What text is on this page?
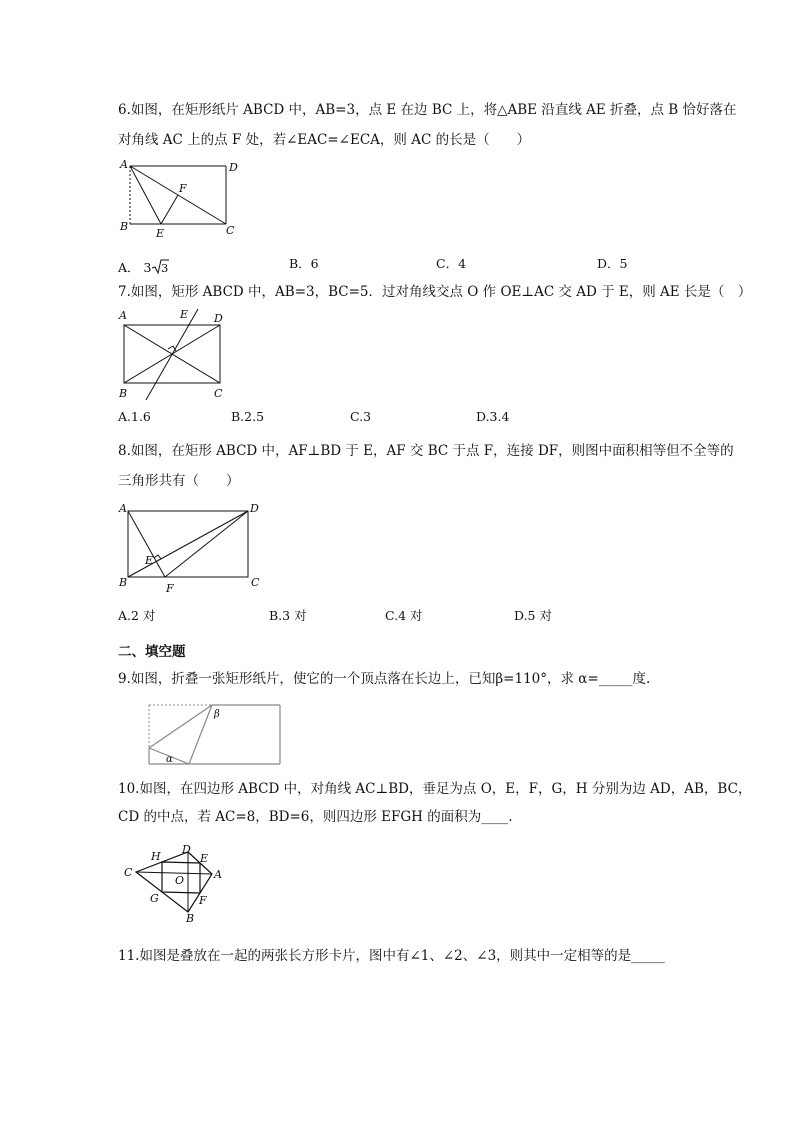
6.如图，在矩形纸片 ABCD 中，AB=3，点 E 在边 BC 上，将△ABE 沿直线 AE 折叠，点 B 恰好落在
对角线 AC 上的点 F 处，若∠EAC=∠ECA，则 AC 的长是（　　）
A	D
B	C
E
F
A． 3 3	B．6	C．4	D．5
7.如图，矩形 ABCD 中，AB=3，BC=5．过对角线交点 O 作 OE⊥AC 交 AD 于 E，则 AE 长是（　）
A	E D
B	C
A.1.6	B.2.5	C.3	D.3.4
8.如图，在矩形 ABCD 中，AF⊥BD 于 E，AF 交 BC 于点 F，连接 DF，则图中面积相等但不全等的
三角形共有（　　）
A	D
B	C
E
F
A.2 对	B.3 对	C.4 对	D.5 对
二、填空题
9.如图，折叠一张矩形纸片，使它的一个顶点落在长边上，已知β=110°，求 α=_____度.
β
α
10.如图，在四边形 ABCD 中，对角线 AC⊥BD，垂足为点 O，E，F，G，H 分别为边 AD，AB，BC，
CD 的中点，若 AC=8，BD=6，则四边形 EFGH 的面积为____.
C
H
D
E
A
O
G	F
B
11.如图是叠放在一起的两张长方形卡片，图中有∠1、∠2、∠3，则其中一定相等的是_____
